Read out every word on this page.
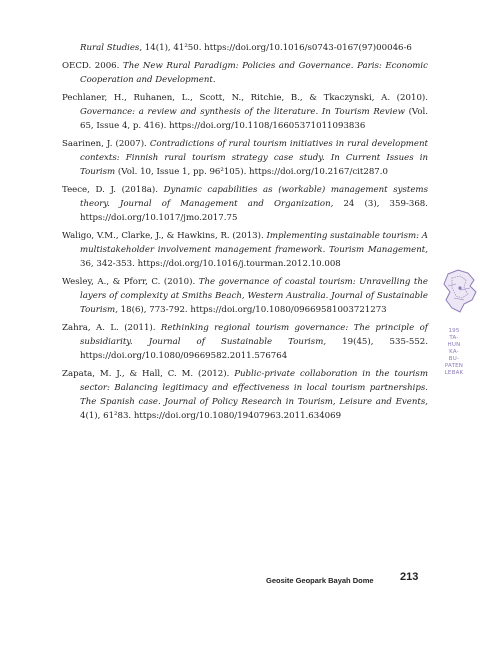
Rural Studies, 14(1), 41²50. https://doi.org/10.1016/s0743-0167(97)00046-6

OECD. 2006. The New Rural Paradigm: Policies and Governance. Paris: Economic Cooperation and Development.

Pechlaner, H., Ruhanen, L., Scott, N., Ritchie, B., & Tkaczynski, A. (2010). Governance: a review and synthesis of the literature. In Tourism Review (Vol. 65, Issue 4, p. 416). https://doi.org/10.1108/16605371011093836

Saarinen, J. (2007). Contradictions of rural tourism initiatives in rural development contexts: Finnish rural tourism strategy case study. In Current Issues in Tourism (Vol. 10, Issue 1, pp. 96²105). https://doi.org/10.2167/cit287.0

Teece, D. J. (2018a). Dynamic capabilities as (workable) management systems theory. Journal of Management and Organization, 24 (3), 359-368. https://doi.org/10.1017/jmo.2017.75

Waligo, V.M., Clarke, J., & Hawkins, R. (2013). Implementing sustainable tourism: A multistakeholder involvement management framework. Tourism Management, 36, 342-353. https://doi.org/10.1016/j.tourman.2012.10.008

Wesley, A., & Pforr, C. (2010). The governance of coastal tourism: Unravelling the layers of complexity at Smiths Beach, Western Australia. Journal of Sustainable Tourism, 18(6), 773-792. https://doi.org/10.1080/09669581003721273

Zahra, A. L. (2011). Rethinking regional tourism governance: The principle of subsidiarity. Journal of Sustainable Tourism, 19(45), 535-552. https://doi.org/10.1080/09669582.2011.576764

Zapata, M. J., & Hall, C. M. (2012). Public-private collaboration in the tourism sector: Balancing legitimacy and effectiveness in local tourism partnerships. The Spanish case. Journal of Policy Research in Tourism, Leisure and Events, 4(1), 61²83. https://doi.org/10.1080/19407963.2011.634069

195
TA-
HUN
KA-
BU-
PATEN
LEBAK
Geosite Geopark Bayah Dome 213
